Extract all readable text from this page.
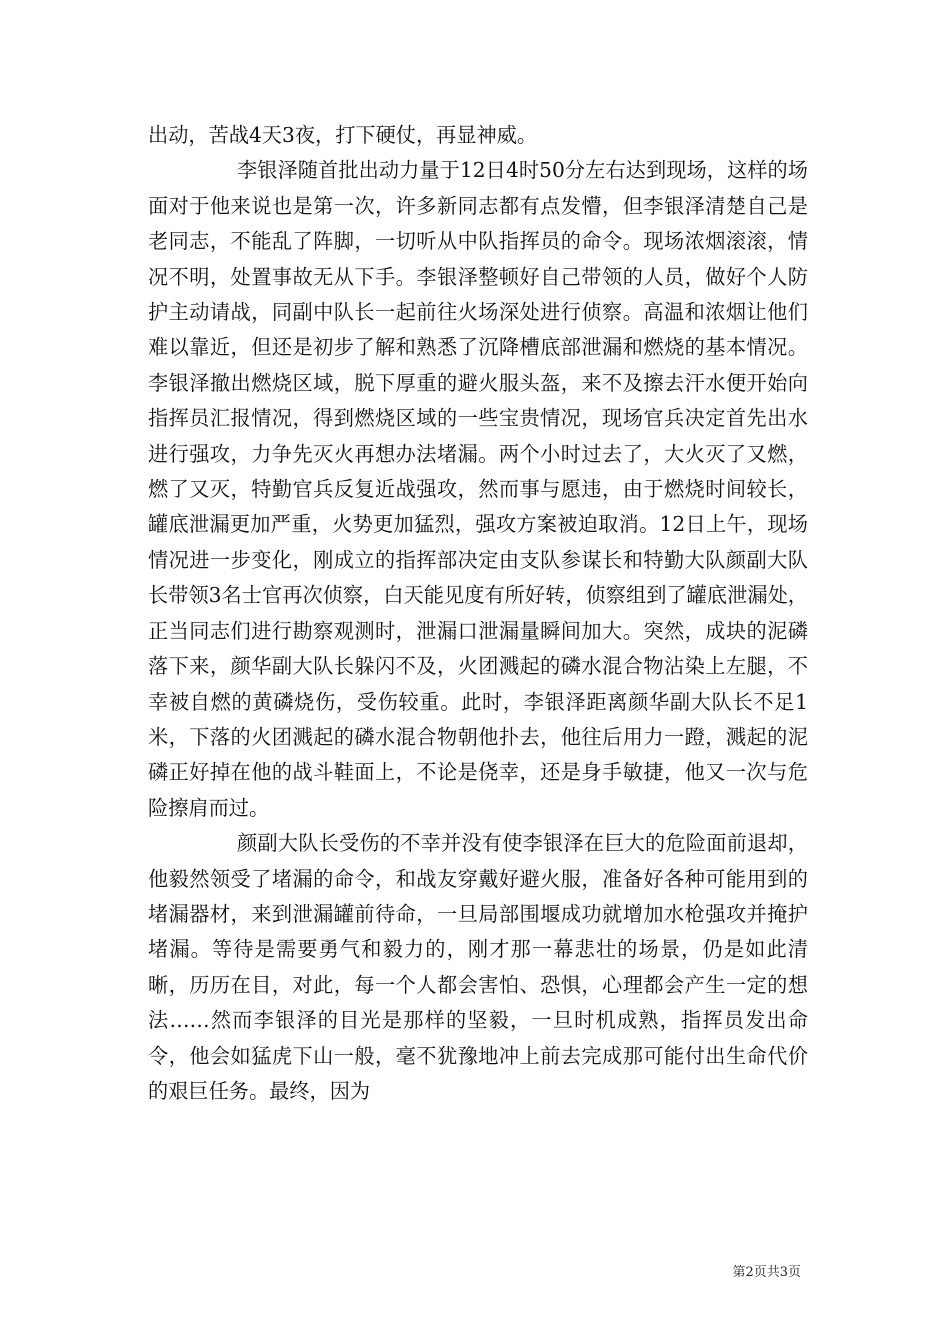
出动，苦战4天3夜，打下硬仗，再显神威。

李银泽随首批出动力量于12日4时50分左右达到现场，这样的场面对于他来说也是第一次，许多新同志都有点发懵，但李银泽清楚自己是老同志，不能乱了阵脚，一切听从中队指挥员的命令。现场浓烟滚滚，情况不明，处置事故无从下手。李银泽整顿好自己带领的人员，做好个人防护主动请战，同副中队长一起前往火场深处进行侦察。高温和浓烟让他们难以靠近，但还是初步了解和熟悉了沉降槽底部泄漏和燃烧的基本情况。李银泽撤出燃烧区域，脱下厚重的避火服头盔，来不及擦去汗水便开始向指挥员汇报情况，得到燃烧区域的一些宝贵情况，现场官兵决定首先出水进行强攻，力争先灭火再想办法堵漏。两个小时过去了，大火灭了又燃，燃了又灭，特勤官兵反复近战强攻，然而事与愿违，由于燃烧时间较长，罐底泄漏更加严重，火势更加猛烈，强攻方案被迫取消。12日上午，现场情况进一步变化，刚成立的指挥部决定由支队参谋长和特勤大队颜副大队长带领3名士官再次侦察，白天能见度有所好转，侦察组到了罐底泄漏处，正当同志们进行勘察观测时，泄漏口泄漏量瞬间加大。突然，成块的泥磷落下来，颜华副大队长躲闪不及，火团溅起的磷水混合物沾染上左腿，不幸被自燃的黄磷烧伤，受伤较重。此时，李银泽距离颜华副大队长不足1米，下落的火团溅起的磷水混合物朝他扑去，他往后用力一蹬，溅起的泥磷正好掉在他的战斗鞋面上，不论是侥幸，还是身手敏捷，他又一次与危险擦肩而过。

颜副大队长受伤的不幸并没有使李银泽在巨大的危险面前退却，他毅然领受了堵漏的命令，和战友穿戴好避火服，准备好各种可能用到的堵漏器材，来到泄漏罐前待命，一旦局部围堰成功就增加水枪强攻并掩护堵漏。等待是需要勇气和毅力的，刚才那一幕悲壮的场景，仍是如此清晰，历历在目，对此，每一个人都会害怕、恐惧，心理都会产生一定的想法……然而李银泽的目光是那样的坚毅，一旦时机成熟，指挥员发出命令，他会如猛虎下山一般，毫不犹豫地冲上前去完成那可能付出生命代价的艰巨任务。最终，因为

第2页共3页
